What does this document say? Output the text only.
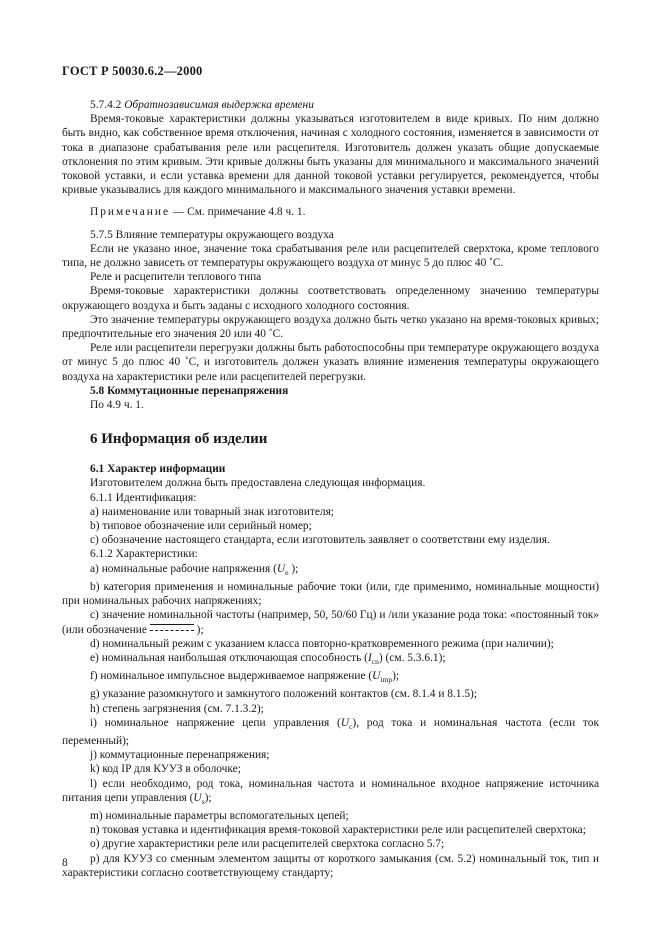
ГОСТ Р 50030.6.2—2000

5.7.4.2 Обратнозависимая выдержка времени

Время-токовые характеристики должны указываться изготовителем в виде кривых. По ним должно быть видно, как собственное время отключения, начиная с холодного состояния, изменяется в зависимости от тока в диапазоне срабатывания реле или расцепителя. Изготовитель должен указать общие допускаемые отклонения по этим кривым. Эти кривые должны быть указаны для минимального и максимального значений токовой уставки, и если уставка времени для данной токовой уставки регулируется, рекомендуется, чтобы кривые указывались для каждого минимального и максимального значения уставки времени.

Примечание — См. примечание 4.8 ч. 1.

5.7.5 Влияние температуры окружающего воздуха

Если не указано иное, значение тока срабатывания реле или расцепителей сверхтока, кроме теплового типа, не должно зависеть от температуры окружающего воздуха от минус 5 до плюс 40 ˚С.

Реле и расцепители теплового типа

Время-токовые характеристики должны соответствовать определенному значению температуры окружающего воздуха и быть заданы с исходного холодного состояния.

Это значение температуры окружающего воздуха должно быть четко указано на время-токовых кривых; предпочтительные его значения 20 или 40 ˚С.

Реле или расцепители перегрузки должны быть работоспособны при температуре окружающего воздуха от минус 5 до плюс 40 ˚С, и изготовитель должен указать влияние изменения температуры окружающего воздуха на характеристики реле или расцепителей перегрузки.

5.8 Коммутационные перенапряжения

По 4.9 ч. 1.

6 Информация об изделии

6.1 Характер информации

Изготовителем должна быть предоставлена следующая информация.

6.1.1 Идентификация:

а) наименование или товарный знак изготовителя;

b) типовое обозначение или серийный номер;

с) обозначение настоящего стандарта, если изготовитель заявляет о соответствии ему изделия.

6.1.2 Характеристики:

а) номинальные рабочие напряжения ($U_e$ );

b) категория применения и номинальные рабочие токи (или, где применимо, номинальные мощности) при номинальных рабочих напряжениях;

с) значение номинальной частоты (например, 50, 50/60 Гц) и /или указание рода тока: «постоянный ток» (или обозначение	);

d) номинальный режим с указанием класса повторно-кратковременного режима (при наличии);

е) номинальная наибольшая отключающая способность $(I_{cn})$ (см. 5.3.6.1);

f) номинальное импульсное выдерживаемое напряжение $(U_{imp})$;

g) указание разомкнутого и замкнутого положений контактов (см. 8.1.4 и 8.1.5);

h) степень загрязнения (см. 7.1.3.2);

i) номинальное напряжение цепи управления $(U_c)$, род тока и номинальная частота (если ток переменный);

j) коммутационные перенапряжения;

k) код IP для КУУЗ в оболочке;

l) если необходимо, род тока, номинальная частота и номинальное входное напряжение источника питания цепи управления $(U_s)$;

m) номинальные параметры вспомогательных цепей;

n) токовая уставка и идентификация время-токовой характеристики реле или расцепителей сверхтока;

о) другие характеристики реле или расцепителей сверхтока согласно 5.7;

р) для КУУЗ со сменным элементом защиты от короткого замыкания (см. 5.2) номинальный ток, тип и характеристики согласно соответствующему стандарту;

8
